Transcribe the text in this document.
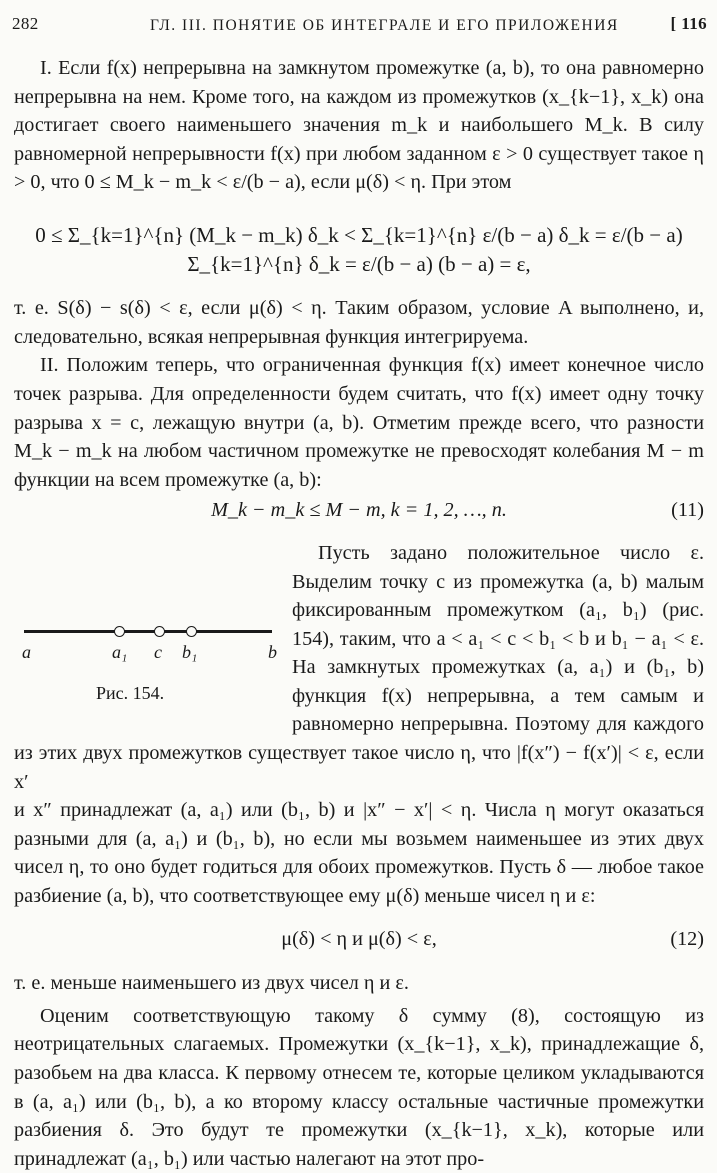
282	ГЛ. III. ПОНЯТИЕ ОБ ИНТЕГРАЛЕ И ЕГО ПРИЛОЖЕНИЯ	[ 116

I. Если f(x) непрерывна на замкнутом промежутке (a, b), то она равномерно непрерывна на нем. Кроме того, на каждом из промежутков (x_{k−1}, x_k) она достигает своего наименьшего значения m_k и наибольшего M_k. В силу равномерной непрерывности f(x) при любом заданном ε > 0 существует такое η > 0, что 0 ≤ M_k − m_k < ε/(b − a), если μ(δ) < η. При этом

0 ≤ Σ_{k=1}^{n} (M_k − m_k) δ_k < Σ_{k=1}^{n} ε/(b − a) δ_k = ε/(b − a) Σ_{k=1}^{n} δ_k = ε/(b − a) (b − a) = ε,

т. е. S(δ) − s(δ) < ε, если μ(δ) < η. Таким образом, условие A выполнено, и, следовательно, всякая непрерывная функция интегрируема.

II. Положим теперь, что ограниченная функция f(x) имеет конечное число точек разрыва. Для определенности будем считать, что f(x) имеет одну точку разрыва x = c, лежащую внутри (a, b). Отметим прежде всего, что разности M_k − m_k на любом частичном промежутке не превосходят колебания M − m функции на всем промежутке (a, b):

M_k − m_k ≤ M − m, k = 1, 2, …, n.	(11)
a	a₁ c b₁	b
Рис. 154.

Пусть задано положительное число ε. Выделим точку c из промежутка (a, b) малым фиксированным промежутком (a₁, b₁) (рис. 154), таким, что a < a₁ < c < b₁ < b и b₁ − a₁ < ε. На замкнутых промежутках (a, a₁) и (b₁, b) функция f(x) непрерывна, а тем самым и равномерно непрерывна. Поэтому для каждого из этих двух промежутков существует такое число η, что |f(x″) − f(x′)| < ε, если x′

и x″ принадлежат (a, a₁) или (b₁, b) и |x″ − x′| < η. Числа η могут оказаться разными для (a, a₁) и (b₁, b), но если мы возьмем наименьшее из этих двух чисел η, то оно будет годиться для обоих промежутков. Пусть δ — любое такое разбиение (a, b), что соответствующее ему μ(δ) меньше чисел η и ε:

μ(δ) < η и μ(δ) < ε,	(12)

т. е. меньше наименьшего из двух чисел η и ε.

Оценим соответствующую такому δ сумму (8), состоящую из неотрицательных слагаемых. Промежутки (x_{k−1}, x_k), принадлежащие δ, разобьем на два класса. К первому отнесем те, которые целиком укладываются в (a, a₁) или (b₁, b), а ко второму классу остальные частичные промежутки разбиения δ. Это будут те промежутки (x_{k−1}, x_k), которые или принадлежат (a₁, b₁) или частью налегают на этот про-
